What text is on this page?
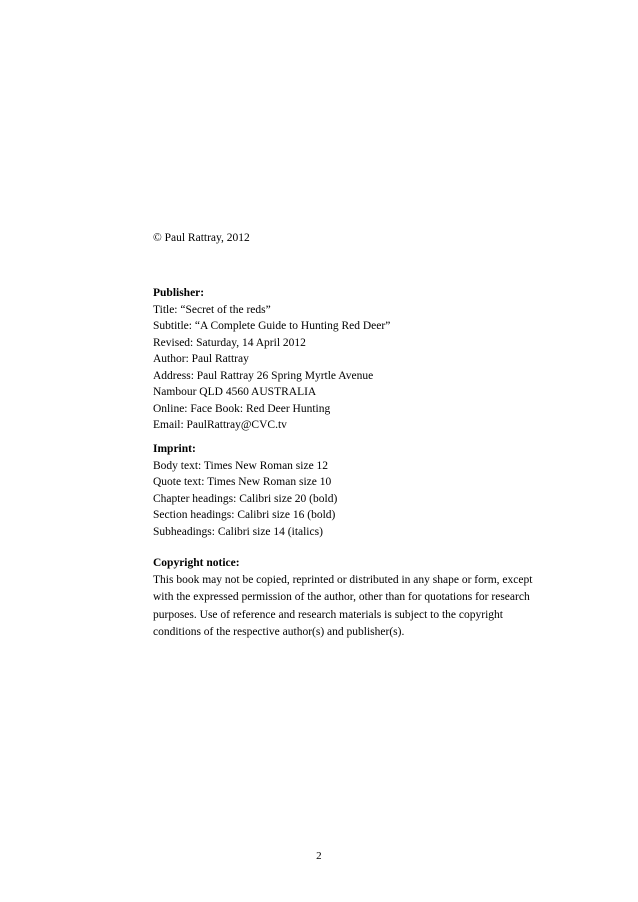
© Paul Rattray, 2012
Publisher:
Title: “Secret of the reds”
Subtitle: “A Complete Guide to Hunting Red Deer”
Revised: Saturday, 14 April 2012
Author: Paul Rattray
Address: Paul Rattray 26 Spring Myrtle Avenue
Nambour QLD 4560 AUSTRALIA
Online: Face Book: Red Deer Hunting
Email: PaulRattray@CVC.tv
Imprint:
Body text: Times New Roman size 12
Quote text: Times New Roman size 10
Chapter headings: Calibri size 20 (bold)
Section headings: Calibri size 16 (bold)
Subheadings: Calibri size 14 (italics)
Copyright notice:
This book may not be copied, reprinted or distributed in any shape or form, except
with the expressed permission of the author, other than for quotations for research
purposes. Use of reference and research materials is subject to the copyright
conditions of the respective author(s) and publisher(s).
2
